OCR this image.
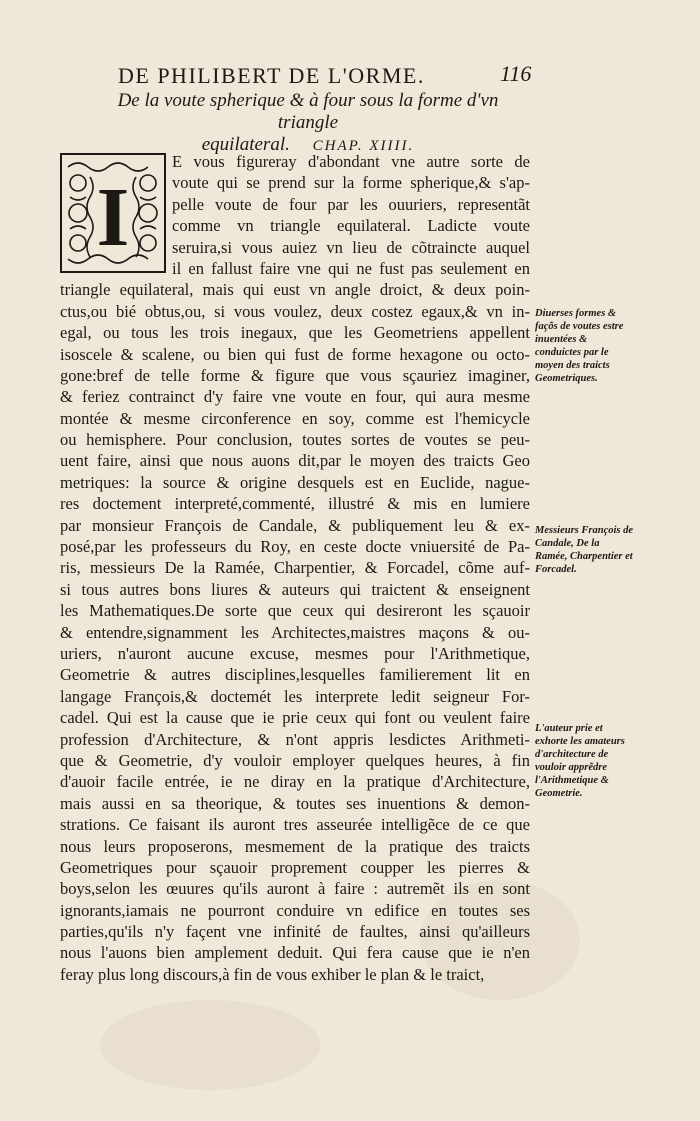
DE PHILIBERT DE L'ORME.	116
De la voute spherique & à four sous la forme d'vn triangle
equilateral. CHAP. XIIII.
I
E vous figureray d'abondant vne autre sorte de
voute qui se prend sur la forme spherique,& s'ap-
pelle voute de four par les ouuriers, representãt
comme vn triangle equilateral. Ladicte voute
seruira,si vous auiez vn lieu de cõtraincte auquel
il en fallust faire vne qui ne fust pas seulement en
triangle equilateral, mais qui eust vn angle droict, & deux poin-
ctus,ou bié obtus,ou, si vous voulez, deux costez egaux,& vn in-
egal, ou tous les trois inegaux, que les Geometriens appellent
isoscele & scalene, ou bien qui fust de forme hexagone ou octo-
gone:bref de telle forme & figure que vous sçauriez imaginer,
& feriez contrainct d'y faire vne voute en four, qui aura mesme
montée & mesme circonference en soy, comme est l'hemicycle
ou hemisphere. Pour conclusion, toutes sortes de voutes se peu-
uent faire, ainsi que nous auons dit,par le moyen des traicts Geo
metriques: la source & origine desquels est en Euclide, nague-
res doctement interpreté,commenté, illustré & mis en lumiere
par monsieur François de Candale, & publiquement leu & ex-
posé,par les professeurs du Roy, en ceste docte vniuersité de Pa-
ris, messieurs De la Ramée, Charpentier, & Forcadel, cõme auf-
si tous autres bons liures & auteurs qui traictent & enseignent
les Mathematiques.De sorte que ceux qui desireront les sçauoir
& entendre,signamment les Architectes,maistres maçons & ou-
uriers, n'auront aucune excuse, mesmes pour l'Arithmetique,
Geometrie & autres disciplines,lesquelles familierement lit en
langage François,& doctemét les interprete ledit seigneur For-
cadel. Qui est la cause que ie prie ceux qui font ou veulent faire
profession d'Architecture, & n'ont appris lesdictes Arithmeti-
que & Geometrie, d'y vouloir employer quelques heures, à fin
d'auoir facile entrée, ie ne diray en la pratique d'Architecture,
mais aussi en sa theorique, & toutes ses inuentions & demon-
strations. Ce faisant ils auront tres asseurée intelligẽce de ce que
nous leurs proposerons, mesmement de la pratique des traicts
Geometriques pour sçauoir proprement coupper les pierres &
boys,selon les œuures qu'ils auront à faire : autremẽt ils en sont
ignorants,iamais ne pourront conduire vn edifice en toutes ses
parties,qu'ils n'y façent vne infinité de faultes, ainsi qu'ailleurs
nous l'auons bien amplement deduit. Qui fera cause que ie n'en
feray plus long discours,à fin de vous exhiber le plan & le traict,
Diuerses formes & façõs de voutes estre inuentées & conduictes par le moyen des traicts Geometriques.
Messieurs François de Candale, De la Ramée, Charpentier et Forcadel.
L'auteur prie et exhorte les amateurs d'architecture de vouloir apprẽdre l'Arithmetique & Geometrie.
